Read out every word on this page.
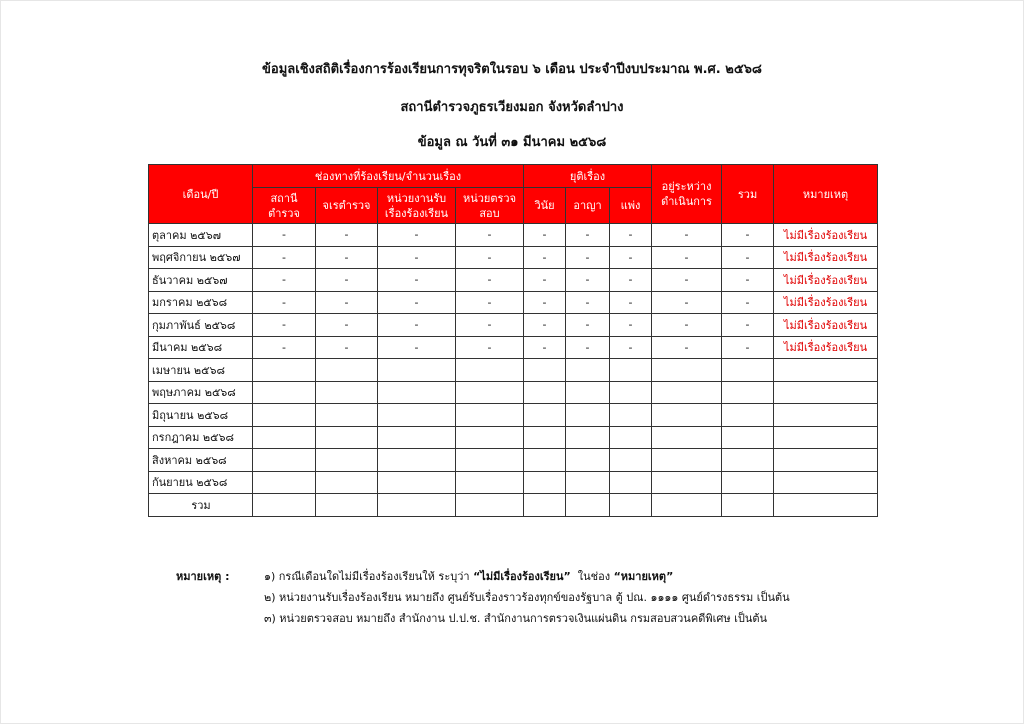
ข้อมูลเชิงสถิติเรื่องการร้องเรียนการทุจริตในรอบ ๖ เดือน ประจำปีงบประมาณ พ.ศ. ๒๕๖๘
สถานีตำรวจภูธรเวียงมอก จังหวัดลำปาง
ข้อมูล ณ วันที่ ๓๑ มีนาคม ๒๕๖๘
เดือน/ปี	ช่องทางที่ร้องเรียน/จำนวนเรื่อง				ยุติเรื่อง			อยู่ระหว่างดำเนินการ	รวม	หมายเหตุ
	สถานีตำรวจ	จเรตำรวจ	หน่วยงานรับเรื่องร้องเรียน	หน่วยตรวจสอบ	วินัย	อาญา	แพ่ง			
ตุลาคม ๒๕๖๗	-	-	-	-	-	-	-	-	-	ไม่มีเรื่องร้องเรียน
พฤศจิกายน ๒๕๖๗	-	-	-	-	-	-	-	-	-	ไม่มีเรื่องร้องเรียน
ธันวาคม ๒๕๖๗	-	-	-	-	-	-	-	-	-	ไม่มีเรื่องร้องเรียน
มกราคม ๒๕๖๘	-	-	-	-	-	-	-	-	-	ไม่มีเรื่องร้องเรียน
กุมภาพันธ์ ๒๕๖๘	-	-	-	-	-	-	-	-	-	ไม่มีเรื่องร้องเรียน
มีนาคม ๒๕๖๘	-	-	-	-	-	-	-	-	-	ไม่มีเรื่องร้องเรียน
เมษายน ๒๕๖๘										
พฤษภาคม ๒๕๖๘										
มิถุนายน ๒๕๖๘										
กรกฎาคม ๒๕๖๘										
สิงหาคม ๒๕๖๘										
กันยายน ๒๕๖๘										
รวม										
หมายเหตุ :	๑) กรณีเดือนใดไม่มีเรื่องร้องเรียนให้ ระบุว่า “ไม่มีเรื่องร้องเรียน”  ในช่อง “หมายเหตุ”
๒) หน่วยงานรับเรื่องร้องเรียน หมายถึง ศูนย์รับเรื่องราวร้องทุกข์ของรัฐบาล ตู้ ปณ. ๑๑๑๑ ศูนย์ดำรงธรรม เป็นต้น
๓) หน่วยตรวจสอบ หมายถึง สำนักงาน ป.ป.ช. สำนักงานการตรวจเงินแผ่นดิน กรมสอบสวนคดีพิเศษ เป็นต้น
